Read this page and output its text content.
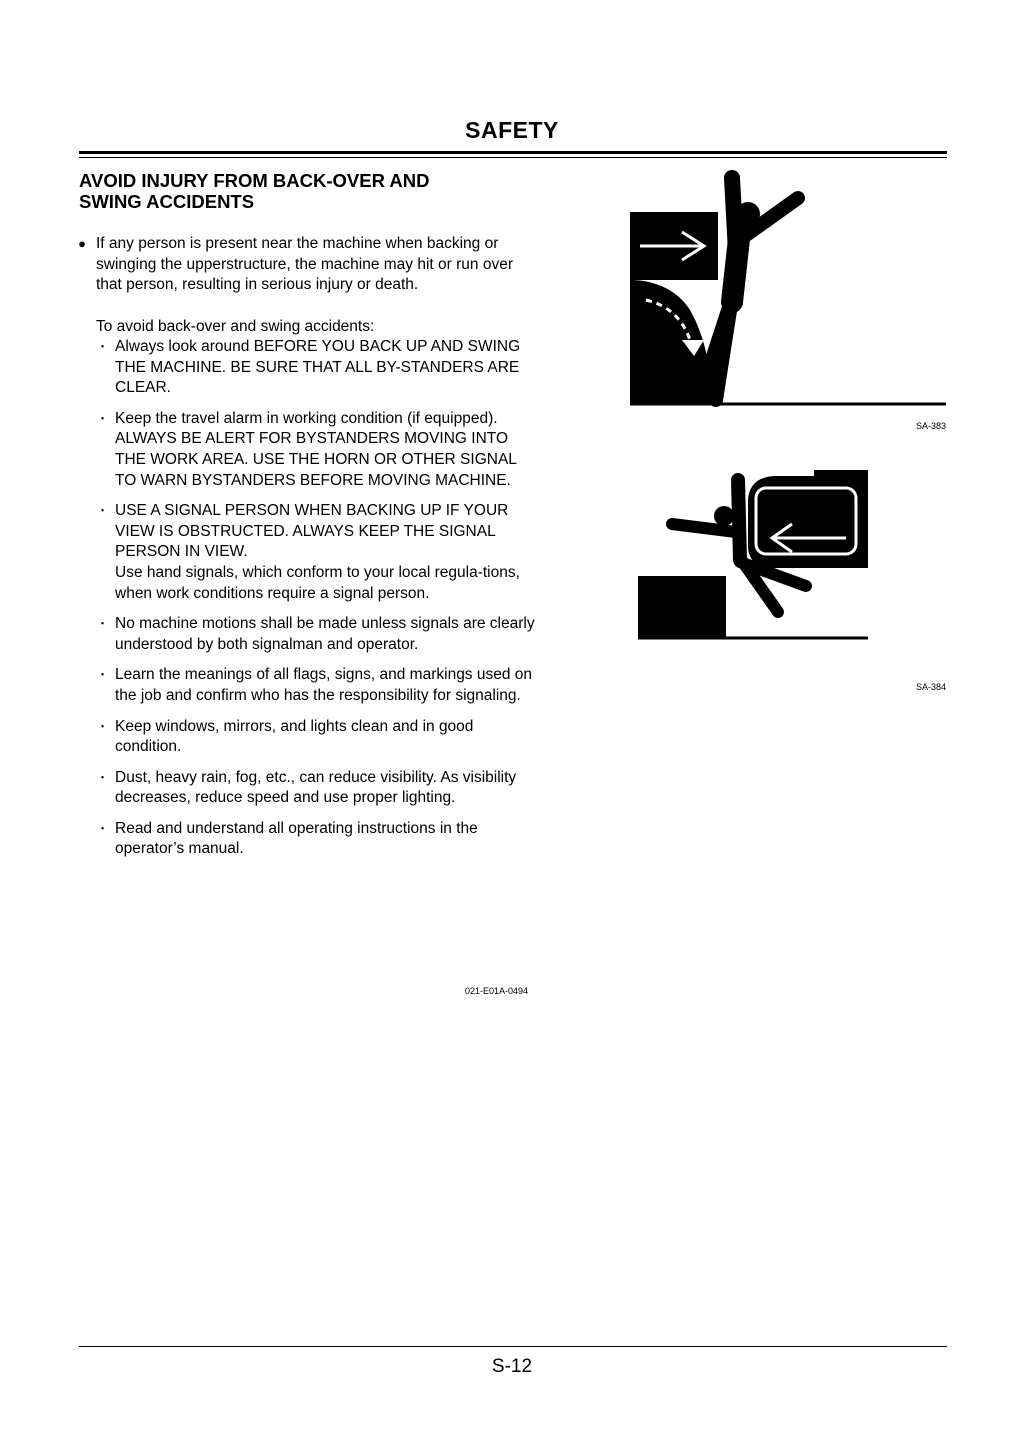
SAFETY
AVOID INJURY FROM BACK-OVER AND
SWING ACCIDENTS
● If any person is present near the machine when backing or swinging the upperstructure, the machine may hit or run over that person, resulting in serious injury or death.
To avoid back-over and swing accidents:
・ Always look around BEFORE YOU BACK UP AND SWING THE MACHINE. BE SURE THAT ALL BY-STANDERS ARE CLEAR.
・ Keep the travel alarm in working condition (if equipped).
ALWAYS BE ALERT FOR BYSTANDERS MOVING INTO THE WORK AREA. USE THE HORN OR OTHER SIGNAL TO WARN BYSTANDERS BEFORE MOVING MACHINE.
・ USE A SIGNAL PERSON WHEN BACKING UP IF YOUR VIEW IS OBSTRUCTED. ALWAYS KEEP THE SIGNAL PERSON IN VIEW.
Use hand signals, which conform to your local regula-tions, when work conditions require a signal person.
・ No machine motions shall be made unless signals are clearly understood by both signalman and operator.
・ Learn the meanings of all flags, signs, and markings used on the job and confirm who has the responsibility for signaling.
・ Keep windows, mirrors, and lights clean and in good condition.
・ Dust, heavy rain, fog, etc., can reduce visibility. As visibility decreases, reduce speed and use proper lighting.
・ Read and understand all operating instructions in the operator’s manual.
021-E01A-0494
SA-383
SA-384
S-12
